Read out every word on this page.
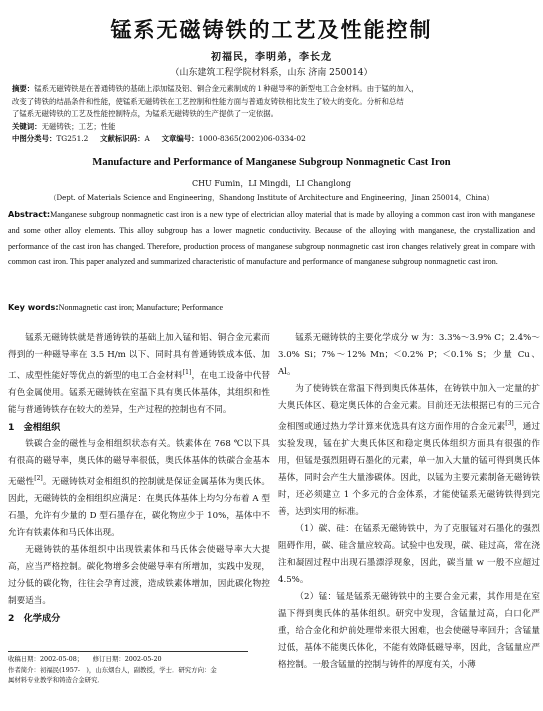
锰系无磁铸铁的工艺及性能控制
初福民，李明弟，李长龙
（山东建筑工程学院材料系，山东 济南 250014）
摘要：锰系无磁铸铁是在普通铸铁的基础上添加锰及铝、铜合金元素制成的１种磁导率的新型电工合金材料。由于锰的加入，
改变了铸铁的结晶条件和性能，使锰系无磁铸铁在工艺控制和性能方面与普通友铸铁相比发生了较大的变化。分析和总结
了锰系无磁铸铁的工艺及性能控制特点，为锰系无磁铸铁的生产提供了一定依据。
关键词：无磁铸铁；工艺；性能
中图分类号：TG251.2 文献标识码：A 文章编号：1000-8365(2002)06-0334-02
Manufacture and Performance of Manganese Subgroup Nonmagnetic Cast Iron
CHU Fumin，LI Mingdi，LI Changlong
（Dept. of Materials Science and Engineering，Shandong Institute of Architecture and Engineering，Jinan 250014，China）
Abstract:Manganese subgroup nonmagnetic cast iron is a new type of electrician alloy material that is made by alloying a common cast iron with manganese and some other alloy elements. This alloy subgroup has a lower magnetic conductivity. Because of the alloying with manganese, the crystallization and performance of the cast iron has changed. Therefore, production process of manganese subgroup nonmagnetic cast iron changes relatively great in compare with common cast iron. This paper analyzed and summarized characteristic of manufacture and performance of manganese subgroup nonmagnetic cast iron.
Key words:Nonmagnetic cast iron; Manufacture; Performance

锰系无磁铸铁就是普通铸铁的基础上加入锰和铝、铜合金元素而得到的一种磁导率在 3.5 H/m 以下、同时具有普通铸铁成本低、加工、成型性能好等优点的新型的电工合金材料[1]，在电工设备中代替有色金属使用。锰系无磁铸铁在室温下具有奥氏体基体，其组织和性能与普通铸铁存在较大的差异，生产过程的控制也有不同。

1　金相组织

铁碳合金的磁性与金相组织状态有关。铁素体在 768 ℃以下具有很高的磁导率，奥氏体的磁导率很低，奥氏体基体的铁碳合金基本无磁性[2]。无磁铸铁对金相组织的控制就是保证金属基体为奥氏体。因此，无磁铸铁的金相组织应满足：在奥氏体基体上均匀分布着 A 型石墨，允许有少量的 D 型石墨存在，碳化物应少于 10%，基体中不允许有铁素体和马氏体出现。

无磁铸铁的基体组织中出现铁素体和马氏体会使磁导率大大提高，应当严格控制。碳化物增多会使磁导率有所增加，实践中发现，过分低的碳化物，往往会孕育过渡，造成铁素体增加，因此碳化物控制要适当。

2　化学成分

锰系无磁铸铁的主要化学成分 w 为：3.3%～3.9% C；2.4%～3.0% Si；7%～12% Mn；＜0.2% P；＜0.1% S；少量 Cu、Al。

为了使铸铁在常温下得到奥氏体基体，在铸铁中加入一定量的扩大奥氏体区、稳定奥氏体的合金元素。目前还无法根据已有的三元合金相图或通过热力学计算来优选具有这方面作用的合金元素[3]，通过实验发现，锰在扩大奥氏体区和稳定奥氏体组织方面具有很强的作用，但锰是强烈阻碍石墨化的元素，单一加入大量的锰可得到奥氏体基体，同时会产生大量渗碳体。因此，以锰为主要元素制备无磁铸铁时，还必须建立 1 个多元的合金体系，才能使锰系无磁铸铁得到完善，达到实用的标准。

（1）碳、硅：在锰系无磁铸铁中，为了克服锰对石墨化的强烈阻碍作用，碳、硅含量应较高。试验中也发现，碳、硅过高，常在浇注和凝固过程中出现石墨漂浮现象，因此，碳当量 w 一般不应超过 4.5%。

（2）锰：锰是锰系无磁铸铁中的主要合金元素，其作用是在室温下得到奥氏体的基体组织。研究中发现，含锰量过高，白口化严重，给合金化和炉前处理带来很大困难，也会使磁导率回升；含锰量过低，基体不能奥氏体化，不能有效降低磁导率，因此，含锰量应严格控制。一般含锰量的控制与铸件的厚度有关，小薄

收稿日期：2002-05-08；　　修订日期：2002-05-20
作者简介：初福民(1957-　)，山东烟台人，副教授，学士．研究方向：金
属材料专业教学和铸造合金研究．
